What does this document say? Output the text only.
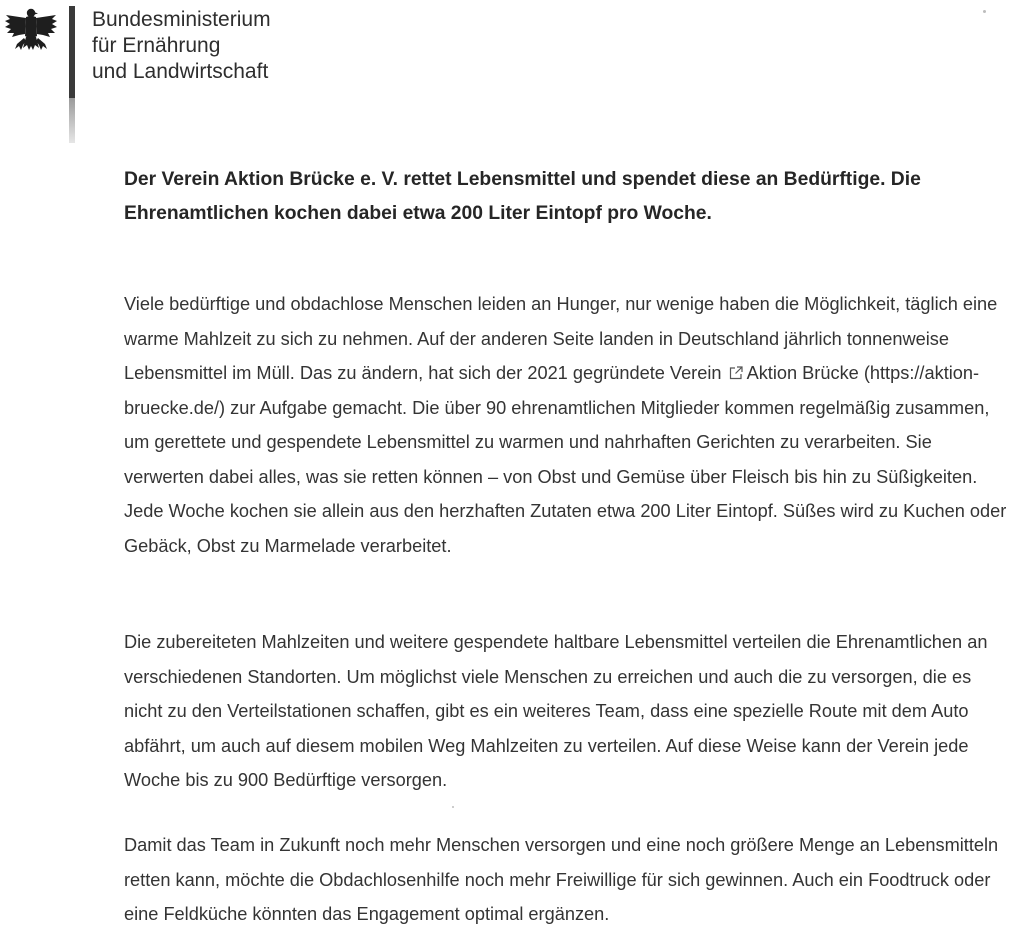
Bundesministerium
für Ernährung
und Landwirtschaft
Der Verein Aktion Brücke e. V. rettet Lebensmittel und spendet diese an Bedürftige. Die Ehrenamtlichen kochen dabei etwa 200 Liter Eintopf pro Woche.

Viele bedürftige und obdachlose Menschen leiden an Hunger, nur wenige haben die Möglichkeit, täglich eine warme Mahlzeit zu sich zu nehmen. Auf der anderen Seite landen in Deutschland jährlich tonnenweise Lebensmittel im Müll. Das zu ändern, hat sich der 2021 gegründete Verein Aktion Brücke (https://aktion-bruecke.de/) zur Aufgabe gemacht. Die über 90 ehrenamtlichen Mitglieder kommen regelmäßig zusammen, um gerettete und gespendete Lebensmittel zu warmen und nahrhaften Gerichten zu verarbeiten. Sie verwerten dabei alles, was sie retten können – von Obst und Gemüse über Fleisch bis hin zu Süßigkeiten. Jede Woche kochen sie allein aus den herzhaften Zutaten etwa 200 Liter Eintopf. Süßes wird zu Kuchen oder Gebäck, Obst zu Marmelade verarbeitet.

Die zubereiteten Mahlzeiten und weitere gespendete haltbare Lebensmittel verteilen die Ehrenamtlichen an verschiedenen Standorten. Um möglichst viele Menschen zu erreichen und auch die zu versorgen, die es nicht zu den Verteilstationen schaffen, gibt es ein weiteres Team, dass eine spezielle Route mit dem Auto abfährt, um auch auf diesem mobilen Weg Mahlzeiten zu verteilen. Auf diese Weise kann der Verein jede Woche bis zu 900 Bedürftige versorgen.

Damit das Team in Zukunft noch mehr Menschen versorgen und eine noch größere Menge an Lebensmitteln retten kann, möchte die Obdachlosenhilfe noch mehr Freiwillige für sich gewinnen. Auch ein Foodtruck oder eine Feldküche könnten das Engagement optimal ergänzen.
